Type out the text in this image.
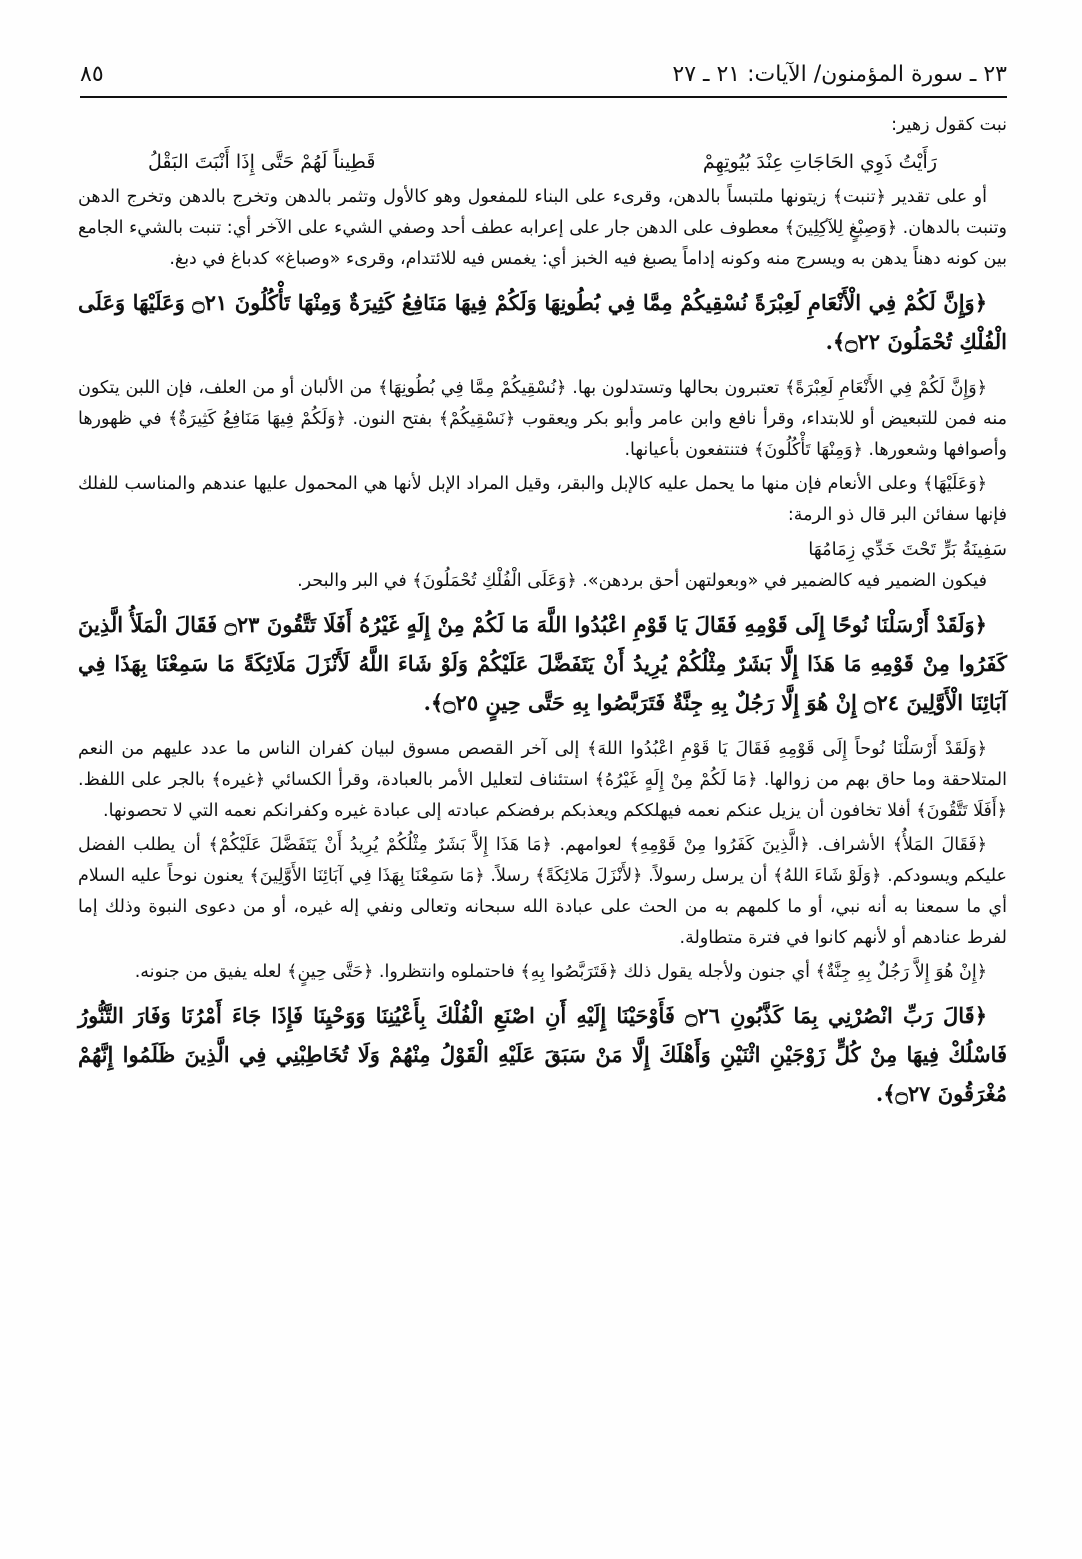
٢٣ ـ سورة المؤمنون/ الآيات: ٢١ ـ ٢٧
٨٥

نبت كقول زهير:

رَأَيْتُ ذَوِي الحَاجَاتِ عِنْدَ بُيُوتِهِمْ
قَطِيناً لَهُمْ حَتَّى إِذَا أَنْبَتَ البَقْلُ

أو على تقدير ﴿تنبت﴾ زيتونها ملتبساً بالدهن، وقرىء على البناء للمفعول وهو كالأول وتثمر بالدهن وتخرج بالدهن وتخرج الدهن وتنبت بالدهان. ﴿وَصِبْغٍ لِلآكِلِينَ﴾ معطوف على الدهن جار على إعرابه عطف أحد وصفي الشيء على الآخر أي: تنبت بالشيء الجامع بين كونه دهناً يدهن به ويسرج منه وكونه إداماً يصبغ فيه الخبز أي: يغمس فيه للائتدام، وقرىء «وصباغ» كدباغ في دبغ.

﴿وَإِنَّ لَكُمْ فِي الْأَنْعَامِ لَعِبْرَةً نُسْقِيكُمْ مِمَّا فِي بُطُونِهَا وَلَكُمْ فِيهَا مَنَافِعُ كَثِيرَةٌ وَمِنْهَا تَأْكُلُونَ ۝٢١ وَعَلَيْهَا وَعَلَى الْفُلْكِ تُحْمَلُونَ ۝٢٢﴾.

﴿وَإِنَّ لَكُمْ فِي الأَنْعَامِ لَعِبْرَةً﴾ تعتبرون بحالها وتستدلون بها. ﴿نُسْقِيكُمْ مِمَّا فِي بُطُونِهَا﴾ من الألبان أو من العلف، فإن اللبن يتكون منه فمن للتبعيض أو للابتداء، وقرأ نافع وابن عامر وأبو بكر ويعقوب ﴿نَسْقِيكُمْ﴾ بفتح النون. ﴿وَلَكُمْ فِيهَا مَنَافِعُ كَثِيرَةٌ﴾ في ظهورها وأصوافها وشعورها. ﴿وَمِنْهَا تَأْكُلُونَ﴾ فتنتفعون بأعيانها.

﴿وَعَلَيْهَا﴾ وعلى الأنعام فإن منها ما يحمل عليه كالإبل والبقر، وقيل المراد الإبل لأنها هي المحمول عليها عندهم والمناسب للفلك فإنها سفائن البر قال ذو الرمة:

سَفِينَةُ بَرٍّ تَحْتَ خَدِّي زِمَامُهَا

فيكون الضمير فيه كالضمير في «وبعولتهن أحق بردهن». ﴿وَعَلَى الْفُلْكِ تُحْمَلُونَ﴾ في البر والبحر.

﴿وَلَقَدْ أَرْسَلْنَا نُوحًا إِلَى قَوْمِهِ فَقَالَ يَا قَوْمِ اعْبُدُوا اللَّهَ مَا لَكُمْ مِنْ إِلَهٍ غَيْرُهُ أَفَلَا تَتَّقُونَ ۝٢٣ فَقَالَ الْمَلَأُ الَّذِينَ كَفَرُوا مِنْ قَوْمِهِ مَا هَذَا إِلَّا بَشَرٌ مِثْلُكُمْ يُرِيدُ أَنْ يَتَفَضَّلَ عَلَيْكُمْ وَلَوْ شَاءَ اللَّهُ لَأَنْزَلَ مَلَائِكَةً مَا سَمِعْنَا بِهَذَا فِي آبَائِنَا الْأَوَّلِينَ ۝٢٤ إِنْ هُوَ إِلَّا رَجُلٌ بِهِ جِنَّةٌ فَتَرَبَّصُوا بِهِ حَتَّى حِينٍ ۝٢٥﴾.

﴿وَلَقَدْ أَرْسَلْنَا نُوحاً إِلَى قَوْمِهِ فَقَالَ يَا قَوْمِ اعْبُدُوا اللهَ﴾ إلى آخر القصص مسوق لبيان كفران الناس ما عدد عليهم من النعم المتلاحقة وما حاق بهم من زوالها. ﴿مَا لَكُمْ مِنْ إِلَهٍ غَيْرُهُ﴾ استئناف لتعليل الأمر بالعبادة، وقرأ الكسائي ﴿غيره﴾ بالجر على اللفظ. ﴿أَفَلَا تَتَّقُونَ﴾ أفلا تخافون أن يزيل عنكم نعمه فيهلككم ويعذبكم برفضكم عبادته إلى عبادة غيره وكفرانكم نعمه التي لا تحصونها.

﴿فَقَالَ المَلأُ﴾ الأشراف. ﴿الَّذِينَ كَفَرُوا مِنْ قَوْمِهِ﴾ لعوامهم. ﴿مَا هَذَا إِلاَّ بَشَرٌ مِثْلُكُمْ يُرِيدُ أَنْ يَتَفَضَّلَ عَلَيْكُمْ﴾ أن يطلب الفضل عليكم ويسودكم. ﴿وَلَوْ شَاءَ اللهُ﴾ أن يرسل رسولاً. ﴿لأَنْزَلَ مَلائِكَةً﴾ رسلاً. ﴿مَا سَمِعْنَا بِهَذَا فِي آبَائِنَا الأَوَّلِينَ﴾ يعنون نوحاً عليه السلام أي ما سمعنا به أنه نبي، أو ما كلمهم به من الحث على عبادة الله سبحانه وتعالى ونفي إله غيره، أو من دعوى النبوة وذلك إما لفرط عنادهم أو لأنهم كانوا في فترة متطاولة.

﴿إِنْ هُوَ إِلاَّ رَجُلٌ بِهِ جِنَّةٌ﴾ أي جنون ولأجله يقول ذلك ﴿فَتَرَبَّصُوا بِهِ﴾ فاحتملوه وانتظروا. ﴿حَتَّى حِينٍ﴾ لعله يفيق من جنونه.

﴿قَالَ رَبِّ انْصُرْنِي بِمَا كَذَّبُونِ ۝٢٦ فَأَوْحَيْنَا إِلَيْهِ أَنِ اصْنَعِ الْفُلْكَ بِأَعْيُنِنَا وَوَحْيِنَا فَإِذَا جَاءَ أَمْرُنَا وَفَارَ التَّنُّورُ فَاسْلُكْ فِيهَا مِنْ كُلٍّ زَوْجَيْنِ اثْنَيْنِ وَأَهْلَكَ إِلَّا مَنْ سَبَقَ عَلَيْهِ الْقَوْلُ مِنْهُمْ وَلَا تُخَاطِبْنِي فِي الَّذِينَ ظَلَمُوا إِنَّهُمْ مُغْرَقُونَ ۝٢٧﴾.
